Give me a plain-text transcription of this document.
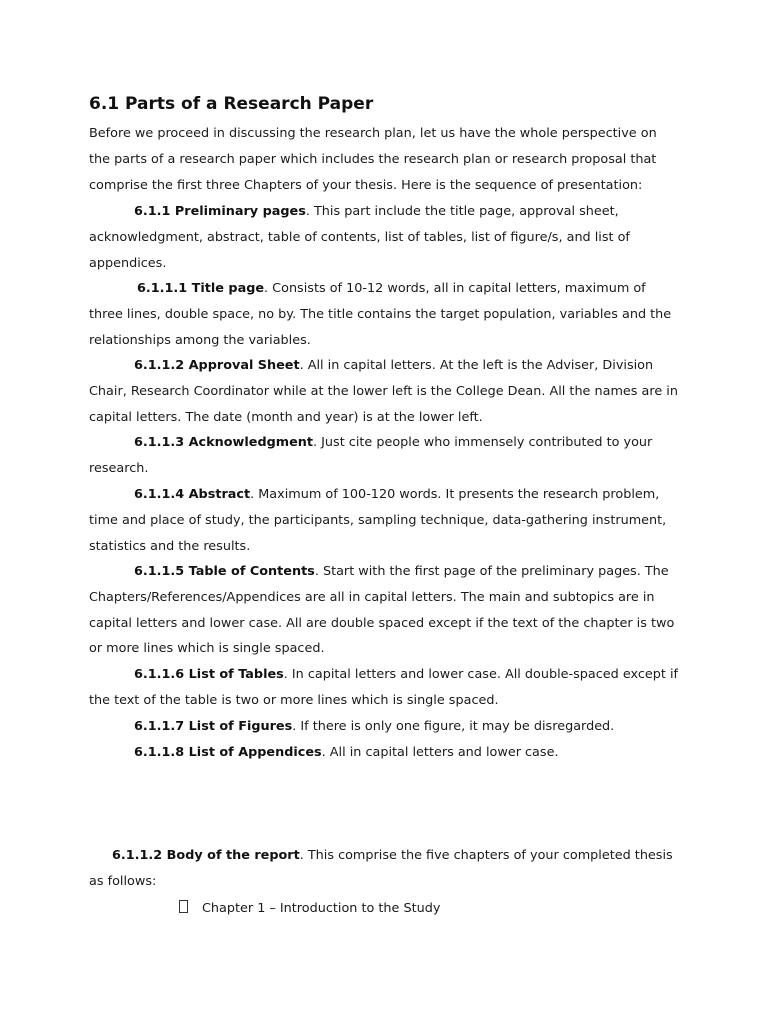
6.1 Parts of a Research Paper

Before we proceed in discussing the research plan, let us have the whole perspective on the parts of a research paper which includes the research plan or research proposal that comprise the first three Chapters of your thesis. Here is the sequence of presentation:

6.1.1 Preliminary pages. This part include the title page, approval sheet, acknowledgment, abstract, table of contents, list of tables, list of figure/s, and list of appendices.

6.1.1.1 Title page. Consists of 10-12 words, all in capital letters, maximum of three lines, double space, no by. The title contains the target population, variables and the relationships among the variables.

6.1.1.2 Approval Sheet. All in capital letters. At the left is the Adviser, Division Chair, Research Coordinator while at the lower left is the College Dean. All the names are in capital letters. The date (month and year) is at the lower left.

6.1.1.3 Acknowledgment. Just cite people who immensely contributed to your research.

6.1.1.4 Abstract. Maximum of 100-120 words. It presents the research problem, time and place of study, the participants, sampling technique, data-gathering instrument, statistics and the results.

6.1.1.5 Table of Contents. Start with the first page of the preliminary pages. The Chapters/References/Appendices are all in capital letters. The main and subtopics are in capital letters and lower case. All are double spaced except if the text of the chapter is two or more lines which is single spaced.

6.1.1.6 List of Tables. In capital letters and lower case. All double-spaced except if the text of the table is two or more lines which is single spaced.

6.1.1.7 List of Figures. If there is only one figure, it may be disregarded.

6.1.1.8 List of Appendices. All in capital letters and lower case.

6.1.1.2 Body of the report. This comprise the five chapters of your completed thesis as follows:

Chapter 1 – Introduction to the Study
